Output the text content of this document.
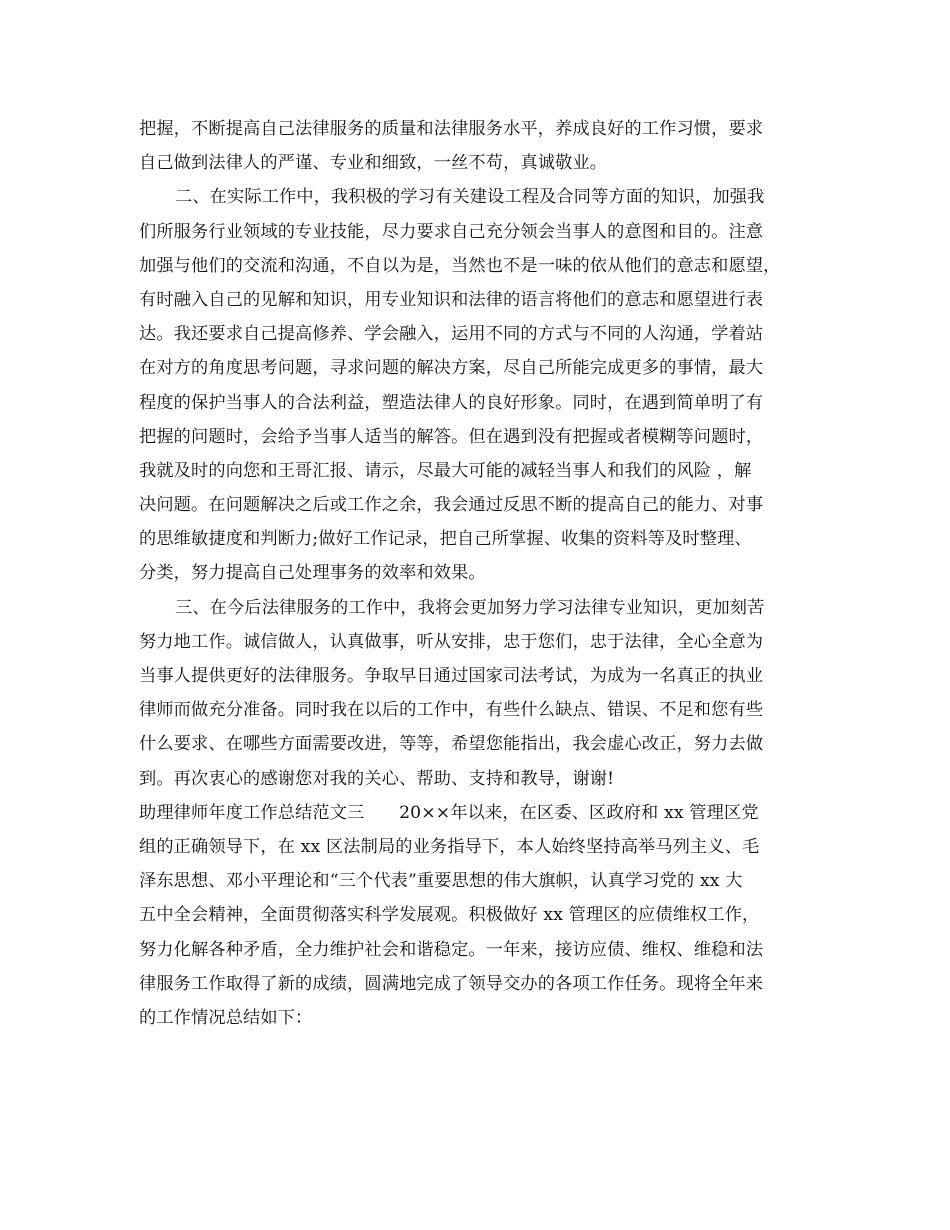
把握，不断提高自己法律服务的质量和法律服务水平，养成良好的工作习惯，要求
自己做到法律人的严谨、专业和细致，一丝不苟，真诚敬业。
二、在实际工作中，我积极的学习有关建设工程及合同等方面的知识，加强我
们所服务行业领域的专业技能，尽力要求自己充分领会当事人的意图和目的。注意
加强与他们的交流和沟通，不自以为是，当然也不是一味的依从他们的意志和愿望，
有时融入自己的见解和知识，用专业知识和法律的语言将他们的意志和愿望进行表
达。我还要求自己提高修养、学会融入，运用不同的方式与不同的人沟通，学着站
在对方的角度思考问题，寻求问题的解决方案，尽自己所能完成更多的事情，最大
程度的保护当事人的合法利益，塑造法律人的良好形象。同时，在遇到简单明了有
把握的问题时，会给予当事人适当的解答。但在遇到没有把握或者模糊等问题时，
我就及时的向您和王哥汇报、请示，尽最大可能的减轻当事人和我们的风险 ，解
决问题。在问题解决之后或工作之余，我会通过反思不断的提高自己的能力、对事
的思维敏捷度和判断力;做好工作记录，把自己所掌握、收集的资料等及时整理、
分类，努力提高自己处理事务的效率和效果。
三、在今后法律服务的工作中，我将会更加努力学习法律专业知识，更加刻苦
努力地工作。诚信做人，认真做事，听从安排，忠于您们，忠于法律，全心全意为
当事人提供更好的法律服务。争取早日通过国家司法考试，为成为一名真正的执业
律师而做充分准备。同时我在以后的工作中，有些什么缺点、错误、不足和您有些
什么要求、在哪些方面需要改进，等等，希望您能指出，我会虚心改正，努力去做
到。再次衷心的感谢您对我的关心、帮助、支持和教导，谢谢!
助理律师年度工作总结范文三　　20××年以来，在区委、区政府和 xx 管理区党
组的正确领导下，在 xx 区法制局的业务指导下，本人始终坚持高举马列主义、毛
泽东思想、邓小平理论和“三个代表”重要思想的伟大旗帜，认真学习党的 xx 大
五中全会精神，全面贯彻落实科学发展观。积极做好 xx 管理区的应债维权工作，
努力化解各种矛盾，全力维护社会和谐稳定。一年来，接访应债、维权、维稳和法
律服务工作取得了新的成绩，圆满地完成了领导交办的各项工作任务。现将全年来
的工作情况总结如下：
